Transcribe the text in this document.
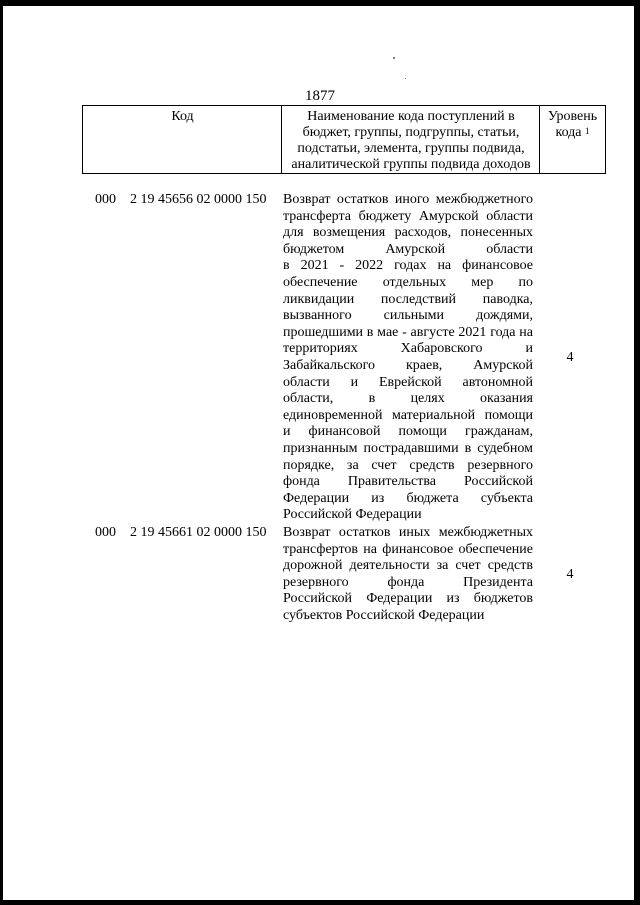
1877
Код	Наименование кода поступлений в
бюджет, группы, подгруппы, статьи,
подстатьи, элемента, группы подвида,
аналитической группы подвида доходов
Уровень
кода $^1$
000 2 19 45656 02 0000 150 Возврат остатков иного межбюджетного
трансферта бюджету Амурской области
для возмещения расходов, понесенных
бюджетом Амурской области
в 2021 - 2022 годах на финансовое
обеспечение отдельных мер по
ликвидации последствий паводка,
вызванного сильными дождями,
прошедшими в мае - августе 2021 года на
территориях Хабаровского и
Забайкальского краев, Амурской
области и Еврейской автономной
области, в целях оказания
единовременной материальной помощи
и финансовой помощи гражданам,
признанным пострадавшими в судебном
порядке, за счет средств резервного
фонда Правительства Российской
Федерации из бюджета субъекта
Российской Федерации
4
000 2 19 45661 02 0000 150 Возврат остатков иных межбюджетных
трансфертов на финансовое обеспечение
дорожной деятельности за счет средств
резервного фонда Президента
Российской Федерации из бюджетов
субъектов Российской Федерации
4
